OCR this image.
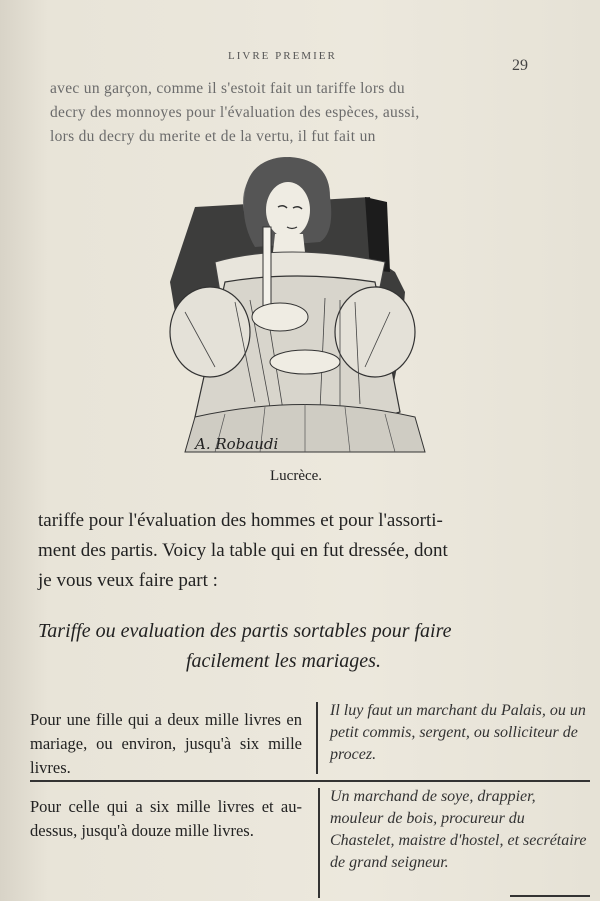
LIVRE PREMIER
29
avec un garçon, comme il s'estoit fait un tariffe lors du
decry des monnoyes pour l'évaluation des espèces, aussi,
lors du decry du merite et de la vertu, il fut fait un
A. Robaudi
Lucrèce.
tariffe pour l'évaluation des hommes et pour l'assorti-
ment des partis. Voicy la table qui en fut dressée, dont
je vous veux faire part :
Tariffe ou evaluation des partis sortables pour faire
facilement les mariages.
Pour une fille qui a deux mille livres en mariage, ou environ, jusqu'à six mille livres.
Il luy faut un marchant du Palais, ou un petit commis, sergent, ou solliciteur de procez.
Pour celle qui a six mille livres et au-dessus, jusqu'à douze mille livres.
Un marchand de soye, drappier, mouleur de bois, procureur du Chastelet, maistre d'hostel, et secrétaire de grand seigneur.
